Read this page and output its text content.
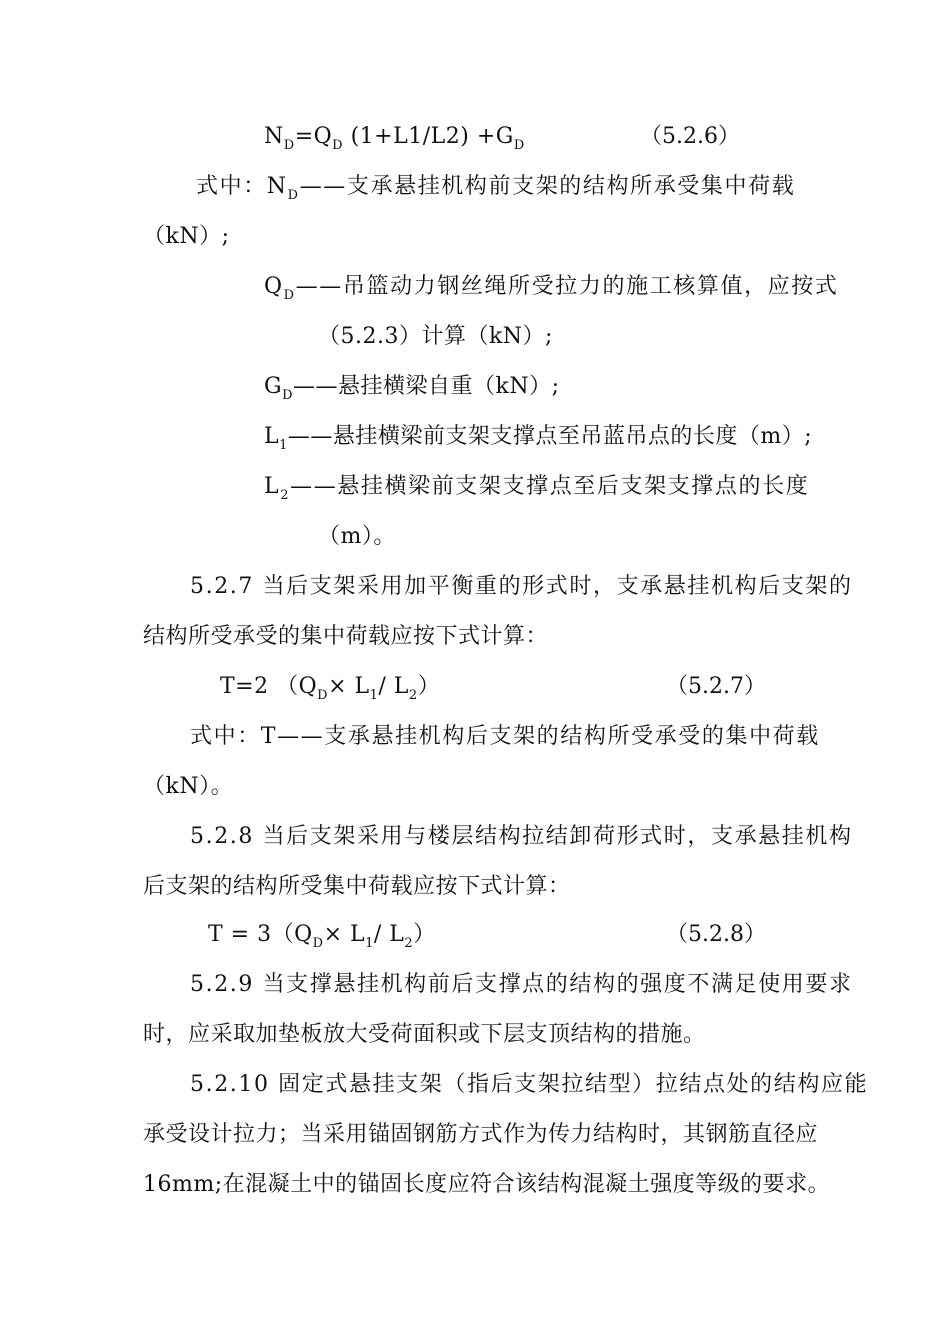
$N_D=Q_D$ $(1+L1/L2) +G_D$	（5.2.6）
式中：$N_D——$支承悬挂机构前支架的结构所承受集中荷载
（kN）;
$Q_D——$吊篮动力钢丝绳所受拉力的施工核算值，应按式
（5.2.3）计算（kN）;
$G_D——$悬挂横梁自重（kN）;
$L_1——$悬挂横梁前支架支撑点至吊蓝吊点的长度（m）;
$L_2——$悬挂横梁前支架支撑点至后支架支撑点的长度
（m）。
5.2.7 当后支架采用加平衡重的形式时，支承悬挂机构后支架的
结构所受承受的集中荷载应按下式计算：
T=2 （$Q_D\times L_1/$ $L_2$）	（5.2.7）
式中：T——支承悬挂机构后支架的结构所受承受的集中荷载
（kN）。
5.2.8 当后支架采用与楼层结构拉结卸荷形式时，支承悬挂机构
后支架的结构所受集中荷载应按下式计算：
$T = 3(Q_D\times L_1/$ $L_2$）	（5.2.8）
5.2.9 当支撑悬挂机构前后支撑点的结构的强度不满足使用要求
时，应采取加垫板放大受荷面积或下层支顶结构的措施。
5.2.10 固定式悬挂支架（指后支架拉结型）拉结点处的结构应能
承受设计拉力；当采用锚固钢筋方式作为传力结构时，其钢筋直径应
16mm;在混凝土中的锚固长度应符合该结构混凝土强度等级的要求。
